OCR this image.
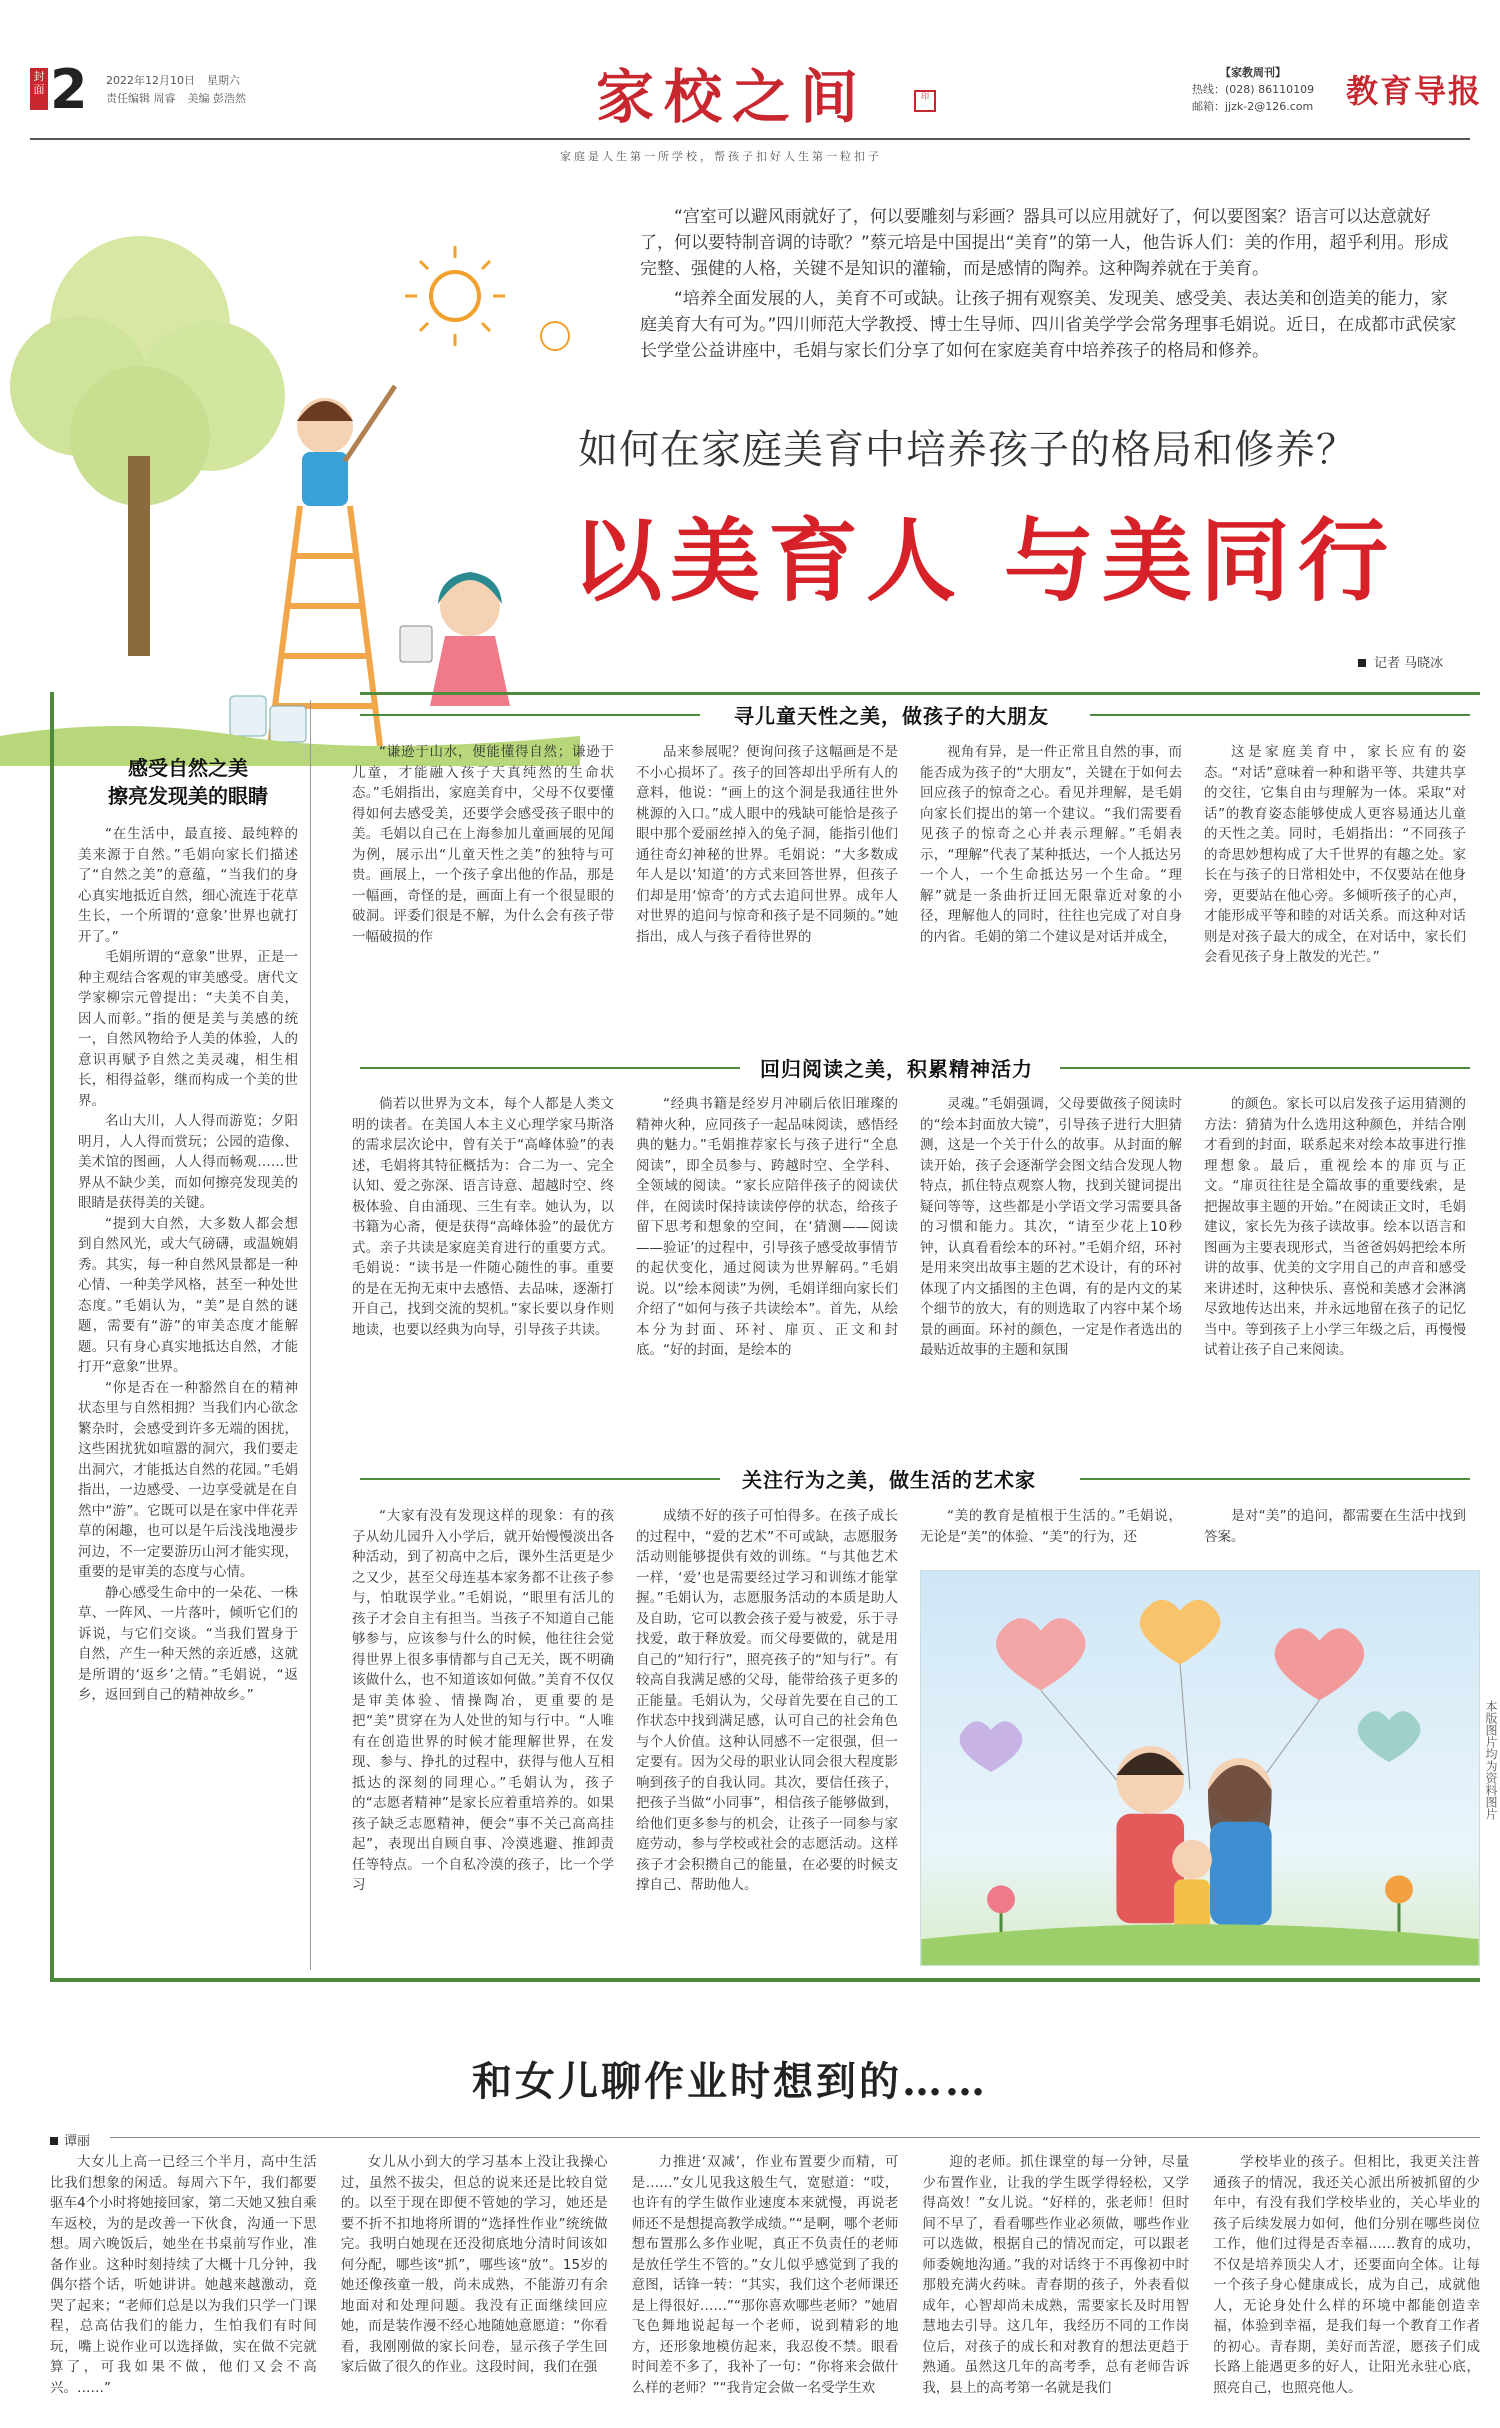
封面 2 2022年12月10日 星期六
责任编辑 周睿 美编 彭浩然	家校之间	印
家庭是人生第一所学校，帮孩子扣好人生第一粒扣子
【家教周刊】
热线：(028) 86110109
邮箱：jjzk-2@126.com 教育导报

“宫室可以避风雨就好了，何以要雕刻与彩画？器具可以应用就好了，何以要图案？语言可以达意就好了，何以要特制音调的诗歌？”蔡元培是中国提出“美育”的第一人，他告诉人们：美的作用，超乎利用。形成完整、强健的人格，关键不是知识的灌输，而是感情的陶养。这种陶养就在于美育。

“培养全面发展的人，美育不可或缺。让孩子拥有观察美、发现美、感受美、表达美和创造美的能力，家庭美育大有可为。”四川师范大学教授、博士生导师、四川省美学学会常务理事毛娟说。近日，在成都市武侯家长学堂公益讲座中，毛娟与家长们分享了如何在家庭美育中培养孩子的格局和修养。

如何在家庭美育中培养孩子的格局和修养？
以美育人 与美同行
记者 马晓冰
感受自然之美
擦亮发现美的眼睛

“在生活中，最直接、最纯粹的美来源于自然。”毛娟向家长们描述了“自然之美”的意蕴，“当我们的身心真实地抵近自然，细心流连于花草生长，一个所谓的‘意象’世界也就打开了。”

毛娟所谓的“意象”世界，正是一种主观结合客观的审美感受。唐代文学家柳宗元曾提出：“夫美不自美，因人而彰。”指的便是美与美感的统一，自然风物给予人美的体验，人的意识再赋予自然之美灵魂，相生相长，相得益彰，继而构成一个美的世界。

名山大川，人人得而游览；夕阳明月，人人得而赏玩；公园的造像、美术馆的图画，人人得而畅观……世界从不缺少美，而如何擦亮发现美的眼睛是获得美的关键。

“提到大自然，大多数人都会想到自然风光，或大气磅礴，或温婉娟秀。其实，每一种自然风景都是一种心情、一种美学风格，甚至一种处世态度。”毛娟认为，“美”是自然的谜题，需要有“游”的审美态度才能解题。只有身心真实地抵达自然，才能打开“意象”世界。

“你是否在一种豁然自在的精神状态里与自然相拥？当我们内心欲念繁杂时，会感受到许多无端的困扰，这些困扰犹如喧嚣的洞穴，我们要走出洞穴，才能抵达自然的花园。”毛娟指出，一边感受、一边享受就是在自然中“游”。它既可以是在家中伴花弄草的闲趣，也可以是午后浅浅地漫步河边，不一定要游历山河才能实现，重要的是审美的态度与心情。

静心感受生命中的一朵花、一株草、一阵风、一片落叶，倾听它们的诉说，与它们交谈。“当我们置身于自然，产生一种天然的亲近感，这就是所谓的‘返乡’之情。”毛娟说，“返乡，返回到自己的精神故乡。”

寻儿童天性之美，做孩子的大朋友

“谦逊于山水，便能懂得自然；谦逊于儿童，才能融入孩子天真纯然的生命状态。”毛娟指出，家庭美育中，父母不仅要懂得如何去感受美，还要学会感受孩子眼中的美。毛娟以自己在上海参加儿童画展的见闻为例，展示出“儿童天性之美”的独特与可贵。画展上，一个孩子拿出他的作品，那是一幅画，奇怪的是，画面上有一个很显眼的破洞。评委们很是不解，为什么会有孩子带一幅破损的作

品来参展呢？便询问孩子这幅画是不是不小心损坏了。孩子的回答却出乎所有人的意料，他说：“画上的这个洞是我通往世外桃源的入口。”成人眼中的残缺可能恰是孩子眼中那个爱丽丝掉入的兔子洞，能指引他们通往奇幻神秘的世界。毛娟说：“大多数成年人是以‘知道’的方式来回答世界，但孩子们却是用‘惊奇’的方式去追问世界。成年人对世界的追问与惊奇和孩子是不同频的。”她指出，成人与孩子看待世界的

视角有异，是一件正常且自然的事，而能否成为孩子的“大朋友”，关键在于如何去回应孩子的惊奇之心。看见并理解，是毛娟向家长们提出的第一个建议。“我们需要看见孩子的惊奇之心并表示理解。”毛娟表示，“理解”代表了某种抵达，一个人抵达另一个人，一个生命抵达另一个生命。“理解”就是一条曲折迂回无限靠近对象的小径，理解他人的同时，往往也完成了对自身的内省。毛娟的第二个建议是对话并成全，

这是家庭美育中，家长应有的姿态。“对话”意味着一种和谐平等、共建共享的交往，它集自由与理解为一体。采取“对话”的教育姿态能够使成人更容易通达儿童的天性之美。同时，毛娟指出：“不同孩子的奇思妙想构成了大千世界的有趣之处。家长在与孩子的日常相处中，不仅要站在他身旁，更要站在他心旁。多倾听孩子的心声，才能形成平等和睦的对话关系。而这种对话则是对孩子最大的成全，在对话中，家长们会看见孩子身上散发的光芒。”

回归阅读之美，积累精神活力

倘若以世界为文本，每个人都是人类文明的读者。在美国人本主义心理学家马斯洛的需求层次论中，曾有关于“高峰体验”的表述，毛娟将其特征概括为：合二为一、完全认知、爱之弥深、语言诗意、超越时空、终极体验、自由涌现、三生有幸。她认为，以书籍为心斋，便是获得“高峰体验”的最优方式。亲子共读是家庭美育进行的重要方式。毛娟说：“读书是一件随心随性的事。重要的是在无拘无束中去感悟、去品味，逐渐打开自己，找到交流的契机。”家长要以身作则地读，也要以经典为向导，引导孩子共读。

“经典书籍是经岁月冲刷后依旧璀璨的精神火种，应同孩子一起品味阅读，感悟经典的魅力。”毛娟推荐家长与孩子进行“全息阅读”，即全员参与、跨越时空、全学科、全领域的阅读。“家长应陪伴孩子的阅读伏伴，在阅读时保持读读停停的状态，给孩子留下思考和想象的空间，在‘猜测——阅读——验证’的过程中，引导孩子感受故事情节的起伏变化，通过阅读为世界解码。”毛娟说。以“绘本阅读”为例，毛娟详细向家长们介绍了“如何与孩子共读绘本”。首先，从绘本分为封面、环衬、扉页、正文和封底。“好的封面，是绘本的

灵魂。”毛娟强调，父母要做孩子阅读时的“绘本封面放大镜”，引导孩子进行大胆猜测，这是一个关于什么的故事。从封面的解读开始，孩子会逐渐学会图文结合发现人物特点，抓住特点观察人物，找到关键词提出疑问等等，这些都是小学语文学习需要具备的习惯和能力。其次，“请至少花上10秒钟，认真看看绘本的环衬。”毛娟介绍，环衬是用来突出故事主题的艺术设计，有的环衬体现了内文插图的主色调，有的是内文的某个细节的放大，有的则选取了内容中某个场景的画面。环衬的颜色，一定是作者选出的最贴近故事的主题和氛围

的颜色。家长可以启发孩子运用猜测的方法：猜猜为什么选用这种颜色，并结合刚才看到的封面，联系起来对绘本故事进行推理想象。最后，重视绘本的扉页与正文。“扉页往往是全篇故事的重要线索，是把握故事主题的开始。”在阅读正文时，毛娟建议，家长先为孩子读故事。绘本以语言和图画为主要表现形式，当爸爸妈妈把绘本所讲的故事、优美的文字用自己的声音和感受来讲述时，这种快乐、喜悦和美感才会淋漓尽致地传达出来，并永远地留在孩子的记忆当中。等到孩子上小学三年级之后，再慢慢试着让孩子自己来阅读。

关注行为之美，做生活的艺术家

“大家有没有发现这样的现象：有的孩子从幼儿园升入小学后，就开始慢慢淡出各种活动，到了初高中之后，课外生活更是少之又少，甚至父母连基本家务都不让孩子参与，怕耽误学业。”毛娟说，“眼里有活儿的孩子才会自主有担当。当孩子不知道自己能够参与，应该参与什么的时候，他往往会觉得世界上很多事情都与自己无关，既不明确该做什么，也不知道该如何做。”美育不仅仅是审美体验、情操陶冶，更重要的是把“美”贯穿在为人处世的知与行中。“人唯有在创造世界的时候才能理解世界，在发现、参与、挣扎的过程中，获得与他人互相抵达的深刻的同理心。”毛娟认为，孩子的“志愿者精神”是家长应着重培养的。如果孩子缺乏志愿精神，便会“事不关己高高挂起”，表现出自顾自事、冷漠逃避、推卸责任等特点。一个自私冷漠的孩子，比一个学习

成绩不好的孩子可怕得多。在孩子成长的过程中，“爱的艺术”不可或缺，志愿服务活动则能够提供有效的训练。“与其他艺术一样，‘爱’也是需要经过学习和训练才能掌握。”毛娟认为，志愿服务活动的本质是助人及自助，它可以教会孩子爱与被爱，乐于寻找爱，敢于释放爱。而父母要做的，就是用自己的“知行行”，照亮孩子的“知与行”。有较高自我满足感的父母，能带给孩子更多的正能量。毛娟认为，父母首先要在自己的工作状态中找到满足感，认可自己的社会角色与个人价值。这种认同感不一定很强，但一定要有。因为父母的职业认同会很大程度影响到孩子的自我认同。其次，要信任孩子，把孩子当做“小同事”，相信孩子能够做到，给他们更多参与的机会，让孩子一同参与家庭劳动，参与学校或社会的志愿活动。这样孩子才会积攒自己的能量，在必要的时候支撑自己、帮助他人。

“美的教育是植根于生活的。”毛娟说，无论是“美”的体验、“美”的行为，还

是对“美”的追问，都需要在生活中找到答案。

本版图片均为资料图片
和女儿聊作业时想到的……
谭丽

大女儿上高一已经三个半月，高中生活比我们想象的闲适。每周六下午，我们都要驱车4个小时将她接回家，第二天她又独自乘车返校，为的是改善一下伙食，沟通一下思想。周六晚饭后，她坐在书桌前写作业，准备作业。这种时刻持续了大概十几分钟，我偶尔搭个话，听她讲讲。她越来越激动，竟哭了起来；“老师们总是以为我们只学一门课程，总高估我们的能力，生怕我们有时间玩，嘴上说作业可以选择做，实在做不完就算了，可我如果不做，他们又会不高兴。……”

女儿从小到大的学习基本上没让我操心过，虽然不拔尖，但总的说来还是比较自觉的。以至于现在即便不管她的学习，她还是要不折不扣地将所谓的“选择性作业”统统做完。我明白她现在还没彻底地分清时间该如何分配，哪些该“抓”，哪些该“放”。15岁的她还像孩童一般，尚未成熟，不能游刃有余地面对和处理问题。我没有正面继续回应她，而是装作漫不经心地随她意愿道：“你看看，我刚刚做的家长问卷，显示孩子学生回家后做了很久的作业。这段时间，我们在强

力推进‘双减’，作业布置要少而精，可是……”女儿见我这般生气，宽慰道：“哎，也许有的学生做作业速度本来就慢，再说老师还不是想提高教学成绩。”“是啊，哪个老师想布置那么多作业呢，真正不负责任的老师是放任学生不管的。”女儿似乎感觉到了我的意图，话锋一转：“其实，我们这个老师课还是上得很好……”“那你喜欢哪些老师？”她眉飞色舞地说起每一个老师，说到精彩的地方，还形象地模仿起来，我忍俊不禁。眼看时间差不多了，我补了一句：“你将来会做什么样的老师？”“我肯定会做一名受学生欢

迎的老师。抓住课堂的每一分钟，尽量少布置作业，让我的学生既学得轻松，又学得高效！”女儿说。“好样的，张老师！但时间不早了，看看哪些作业必须做，哪些作业可以选做，根据自己的情况而定，可以跟老师委婉地沟通。”我的对话终于不再像初中时那般充满火药味。青春期的孩子，外表看似成年，心智却尚未成熟，需要家长及时用智慧地去引导。这几年，我经历不同的工作岗位后，对孩子的成长和对教育的想法更趋于熟通。虽然这几年的高考季，总有老师告诉我，县上的高考第一名就是我们

学校毕业的孩子。但相比，我更关注普通孩子的情况，我还关心派出所被抓留的少年中，有没有我们学校毕业的，关心毕业的孩子后续发展力如何，他们分别在哪些岗位工作，他们过得是否幸福……教育的成功，不仅是培养顶尖人才，还要面向全体。让每一个孩子身心健康成长，成为自己，成就他人，无论身处什么样的环境中都能创造幸福，体验到幸福，是我们每一个教育工作者的初心。青春期，美好而苦涩，愿孩子们成长路上能遇更多的好人，让阳光永驻心底，照亮自己，也照亮他人。
